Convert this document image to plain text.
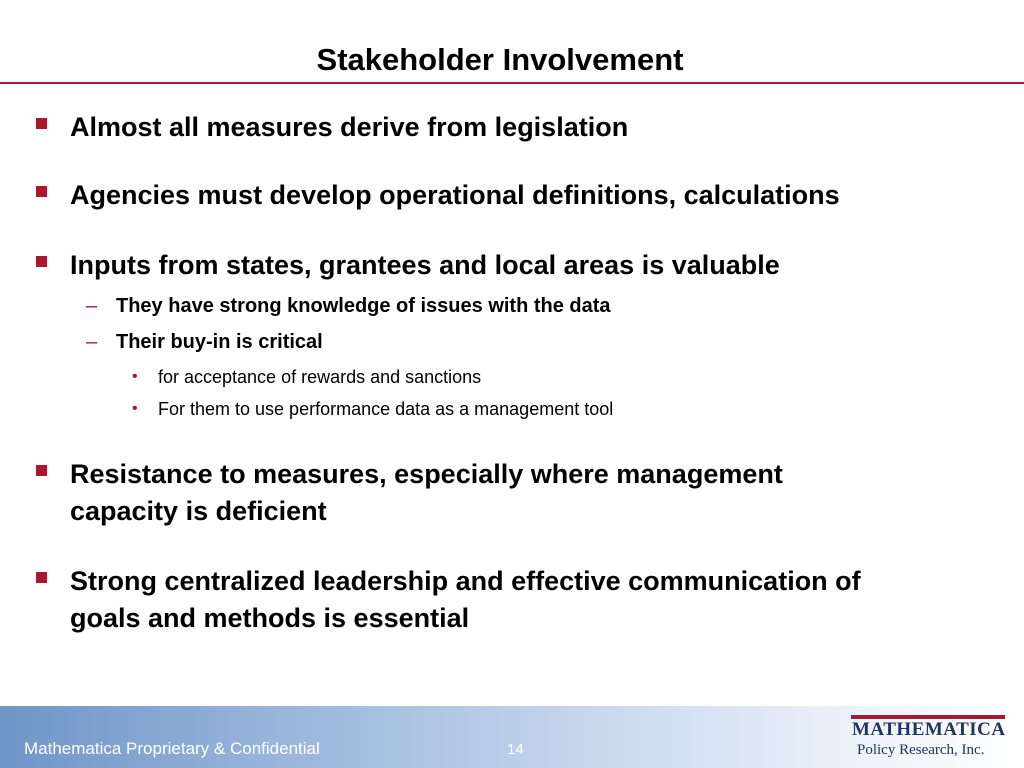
Stakeholder Involvement
Almost all measures derive from legislation
Agencies must develop operational definitions, calculations
Inputs from states, grantees and local areas is valuable
– They have strong knowledge of issues with the data
– Their buy-in is critical
• for acceptance of rewards and sanctions
• For them to use performance data as a management tool
Resistance to measures, especially where management
capacity is deficient
Strong centralized leadership and effective communication of
goals and methods is essential
Mathematica Proprietary & Confidential	14
MATHEMATICA
Policy Research, Inc.
